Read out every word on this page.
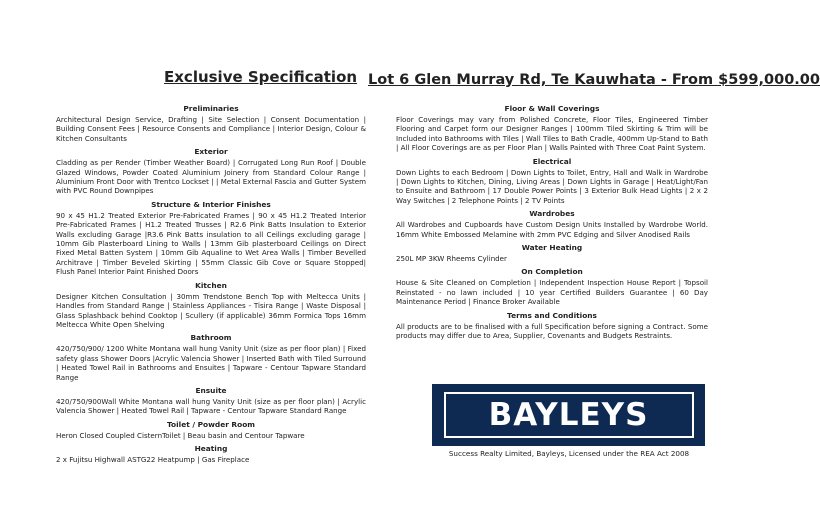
Exclusive Specification Lot 6 Glen Murray Rd, Te Kauwhata - From $599,000.00
Preliminaries

Architectural Design Service, Drafting | Site Selection | Consent Documentation | Building Consent Fees | Resource Consents and Compliance | Interior Design, Colour & Kitchen Consultants

Exterior

Cladding as per Render (Timber Weather Board) | Corrugated Long Run Roof | Double Glazed Windows, Powder Coated Aluminium Joinery from Standard Colour Range | Aluminium Front Door with Trentco Lockset | | Metal External Fascia and Gutter System with PVC Round Downpipes

Structure & Interior Finishes

90 x 45 H1.2 Treated Exterior Pre-Fabricated Frames | 90 x 45 H1.2 Treated Interior Pre-Fabricated Frames | H1.2 Treated Trusses | R2.6 Pink Batts Insulation to Exterior Walls excluding Garage |R3.6 Pink Batts insulation to all Ceilings excluding garage | 10mm Gib Plasterboard Lining to Walls | 13mm Gib plasterboard Ceilings on Direct Fixed Metal Batten System | 10mm Gib Aqualine to Wet Area Walls | Timber Bevelled Architrave | Timber Beveled Skirting | 55mm Classic Gib Cove or Square Stopped| Flush Panel Interior Paint Finished Doors

Kitchen

Designer Kitchen Consultation | 30mm Trendstone Bench Top with Meltecca Units | Handles from Standard Range | Stainless Appliances - Tisira Range | Waste Disposal | Glass Splashback behind Cooktop | Scullery (if applicable) 36mm Formica Tops 16mm Meltecca White Open Shelving

Bathroom

420/750/900/ 1200 White Montana wall hung Vanity Unit (size as per floor plan) | Fixed safety glass Shower Doors |Acrylic Valencia Shower | Inserted Bath with Tiled Surround | Heated Towel Rail in Bathrooms and Ensuites | Tapware - Centour Tapware Standard Range

Ensuite

420/750/900Wall White Montana wall hung Vanity Unit (size as per floor plan) | Acrylic Valencia Shower | Heated Towel Rail | Tapware - Centour Tapware Standard Range

Toilet / Powder Room

Heron Closed Coupled CisternToilet | Beau basin and Centour Tapware

Heating

2 x Fujitsu Highwall ASTG22 Heatpump | Gas Fireplace

Floor & Wall Coverings

Floor Coverings may vary from Polished Concrete, Floor Tiles, Engineered Timber Flooring and Carpet form our Designer Ranges | 100mm Tiled Skirting & Trim will be Included into Bathrooms with Tiles | Wall Tiles to Bath Cradle, 400mm Up-Stand to Bath | All Floor Coverings are as per Floor Plan | Walls Painted with Three Coat Paint System.

Electrical

Down Lights to each Bedroom | Down Lights to Toilet, Entry, Hall and Walk in Wardrobe | Down Lights to Kitchen, Dining, Living Areas | Down Lights in Garage | Heat/Light/Fan to Ensuite and Bathroom | 17 Double Power Points | 3 Exterior Bulk Head Lights | 2 x 2 Way Switches | 2 Telephone Points | 2 TV Points

Wardrobes

All Wardrobes and Cupboards have Custom Design Units Installed by Wardrobe World. 16mm White Embossed Melamine with 2mm PVC Edging and Silver Anodised Rails

Water Heating

250L MP 3KW Rheems Cylinder

On Completion

House & Site Cleaned on Completion | Independent Inspection House Report | Topsoil Reinstated - no lawn included | 10 year Certified Builders Guarantee | 60 Day Maintenance Period | Finance Broker Available

Terms and Conditions

All products are to be finalised with a full Specification before signing a Contract. Some products may differ due to Area, Supplier, Covenants and Budgets Restraints.

BAYLEYS

Success Realty Limited, Bayleys, Licensed under the REA Act 2008
